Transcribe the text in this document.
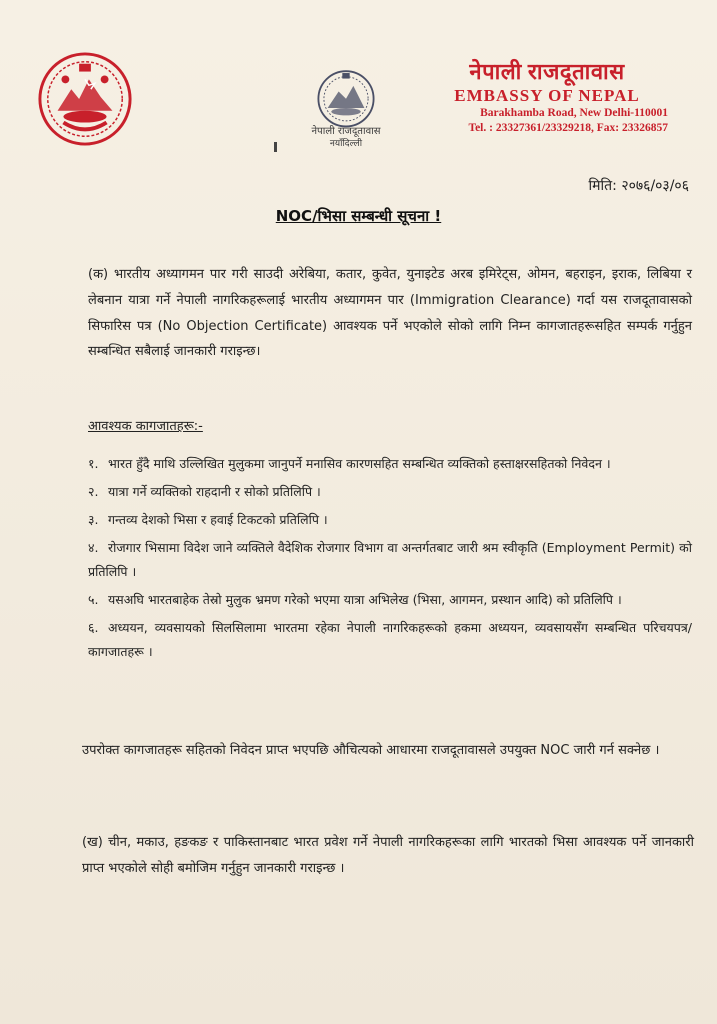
नेपाली राजदूतावास
नयाँदिल्ली
नेपाली राजदूतावास
EMBASSY OF NEPAL
Barakhamba Road, New Delhi-110001
Tel. : 23327361/23329218, Fax: 23326857
मिति: २०७६/०३/०६
NOC/भिसा सम्बन्धी सूचना !
(क) भारतीय अध्यागमन पार गरी साउदी अरेबिया, कतार, कुवेत, युनाइटेड अरब इमिरेट्स, ओमन, बहराइन, इराक, लिबिया र लेबनान यात्रा गर्ने नेपाली नागरिकहरूलाई भारतीय अध्यागमन पार (Immigration Clearance) गर्दा यस राजदूतावासको सिफारिस पत्र (No Objection Certificate) आवश्यक पर्ने भएकोले सोको लागि निम्न कागजातहरूसहित सम्पर्क गर्नुहुन सम्बन्धित सबैलाई जानकारी गराइन्छ।
आवश्यक कागजातहरू:-
१. भारत हुँदै माथि उल्लिखित मुलुकमा जानुपर्ने मनासिव कारणसहित सम्बन्धित व्यक्तिको हस्ताक्षरसहितको निवेदन ।
२. यात्रा गर्ने व्यक्तिको राहदानी र सोको प्रतिलिपि ।
३. गन्तव्य देशको भिसा र हवाई टिकटको प्रतिलिपि ।
४. रोजगार भिसामा विदेश जाने व्यक्तिले वैदेशिक रोजगार विभाग वा अन्तर्गतबाट जारी श्रम स्वीकृति (Employment Permit) को प्रतिलिपि ।
५. यसअघि भारतबाहेक तेस्रो मुलुक भ्रमण गरेको भएमा यात्रा अभिलेख (भिसा, आगमन, प्रस्थान आदि) को प्रतिलिपि ।
६. अध्ययन, व्यवसायको सिलसिलामा भारतमा रहेका नेपाली नागरिकहरूको हकमा अध्ययन, व्यवसायसँग सम्बन्धित परिचयपत्र/कागजातहरू ।
उपरोक्त कागजातहरू सहितको निवेदन प्राप्त भएपछि औचित्यको आधारमा राजदूतावासले उपयुक्त NOC जारी गर्न सक्नेछ ।
(ख) चीन, मकाउ, हङकङ र पाकिस्तानबाट भारत प्रवेश गर्ने नेपाली नागरिकहरूका लागि भारतको भिसा आवश्यक पर्ने जानकारी प्राप्त भएकोले सोही बमोजिम गर्नुहुन जानकारी गराइन्छ ।
